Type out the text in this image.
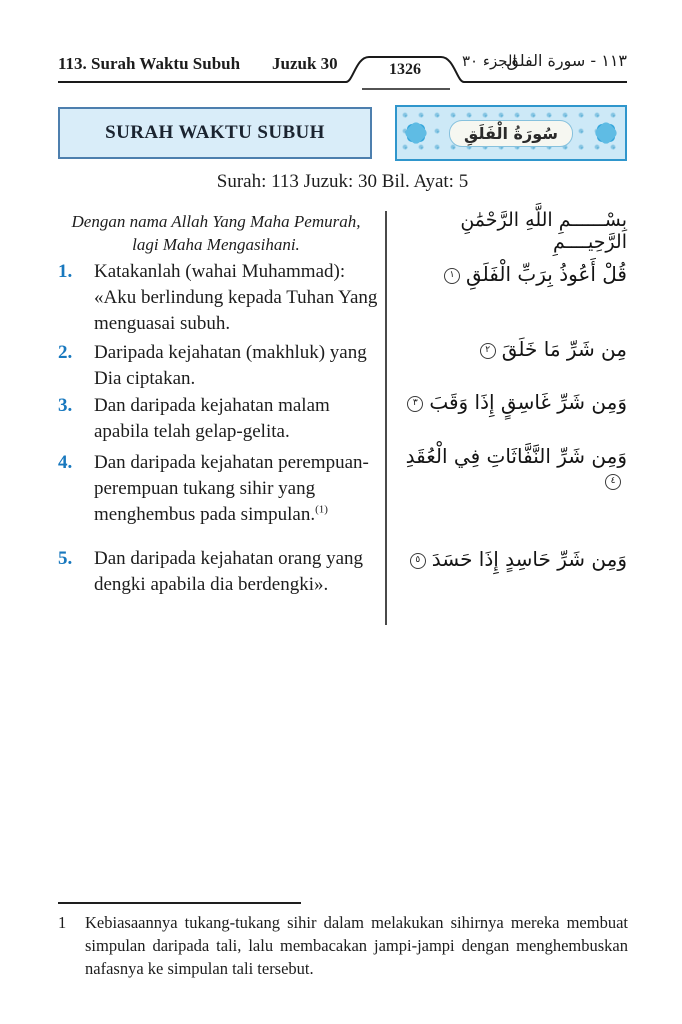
113. Surah Waktu Subuh Juzuk 30	1326	الجزء ٣٠
١١٣ - سورة الفلق
SURAH WAKTU SUBUH	سُورَةُ الْفَلَقِ
Surah: 113 Juzuk: 30 Bil. Ayat: 5
Dengan nama Allah Yang Maha Pemurah,
lagi Maha Mengasihani.
1.	Katakanlah (wahai Muhammad): «Aku berlindung kepada Tuhan Yang menguasai subuh.
2.	Daripada kejahatan (makhluk) yang Dia ciptakan.
3.	Dan daripada kejahatan malam apabila telah gelap-gelita.
4.	Dan daripada kejahatan perempuan-perempuan tukang sihir yang menghembus pada simpulan.$^{(1)}$
5.	Dan daripada kejahatan orang yang dengki apabila dia berdengki».
بِسْــــــمِ اللَّهِ الرَّحْمَٰنِ الرَّحِيــــمِ
قُلْ أَعُوذُ بِرَبِّ الْفَلَقِ١
مِن شَرِّ مَا خَلَقَ٢
وَمِن شَرِّ غَاسِقٍ إِذَا وَقَبَ٣
وَمِن شَرِّ النَّفَّاثَاتِ فِي الْعُقَدِ٤
وَمِن شَرِّ حَاسِدٍ إِذَا حَسَدَ٥
1	Kebiasaannya tukang-tukang sihir dalam melakukan sihirnya mereka membuat simpulan daripada tali, lalu membacakan jampi-jampi dengan menghembuskan nafasnya ke simpulan tali tersebut.
